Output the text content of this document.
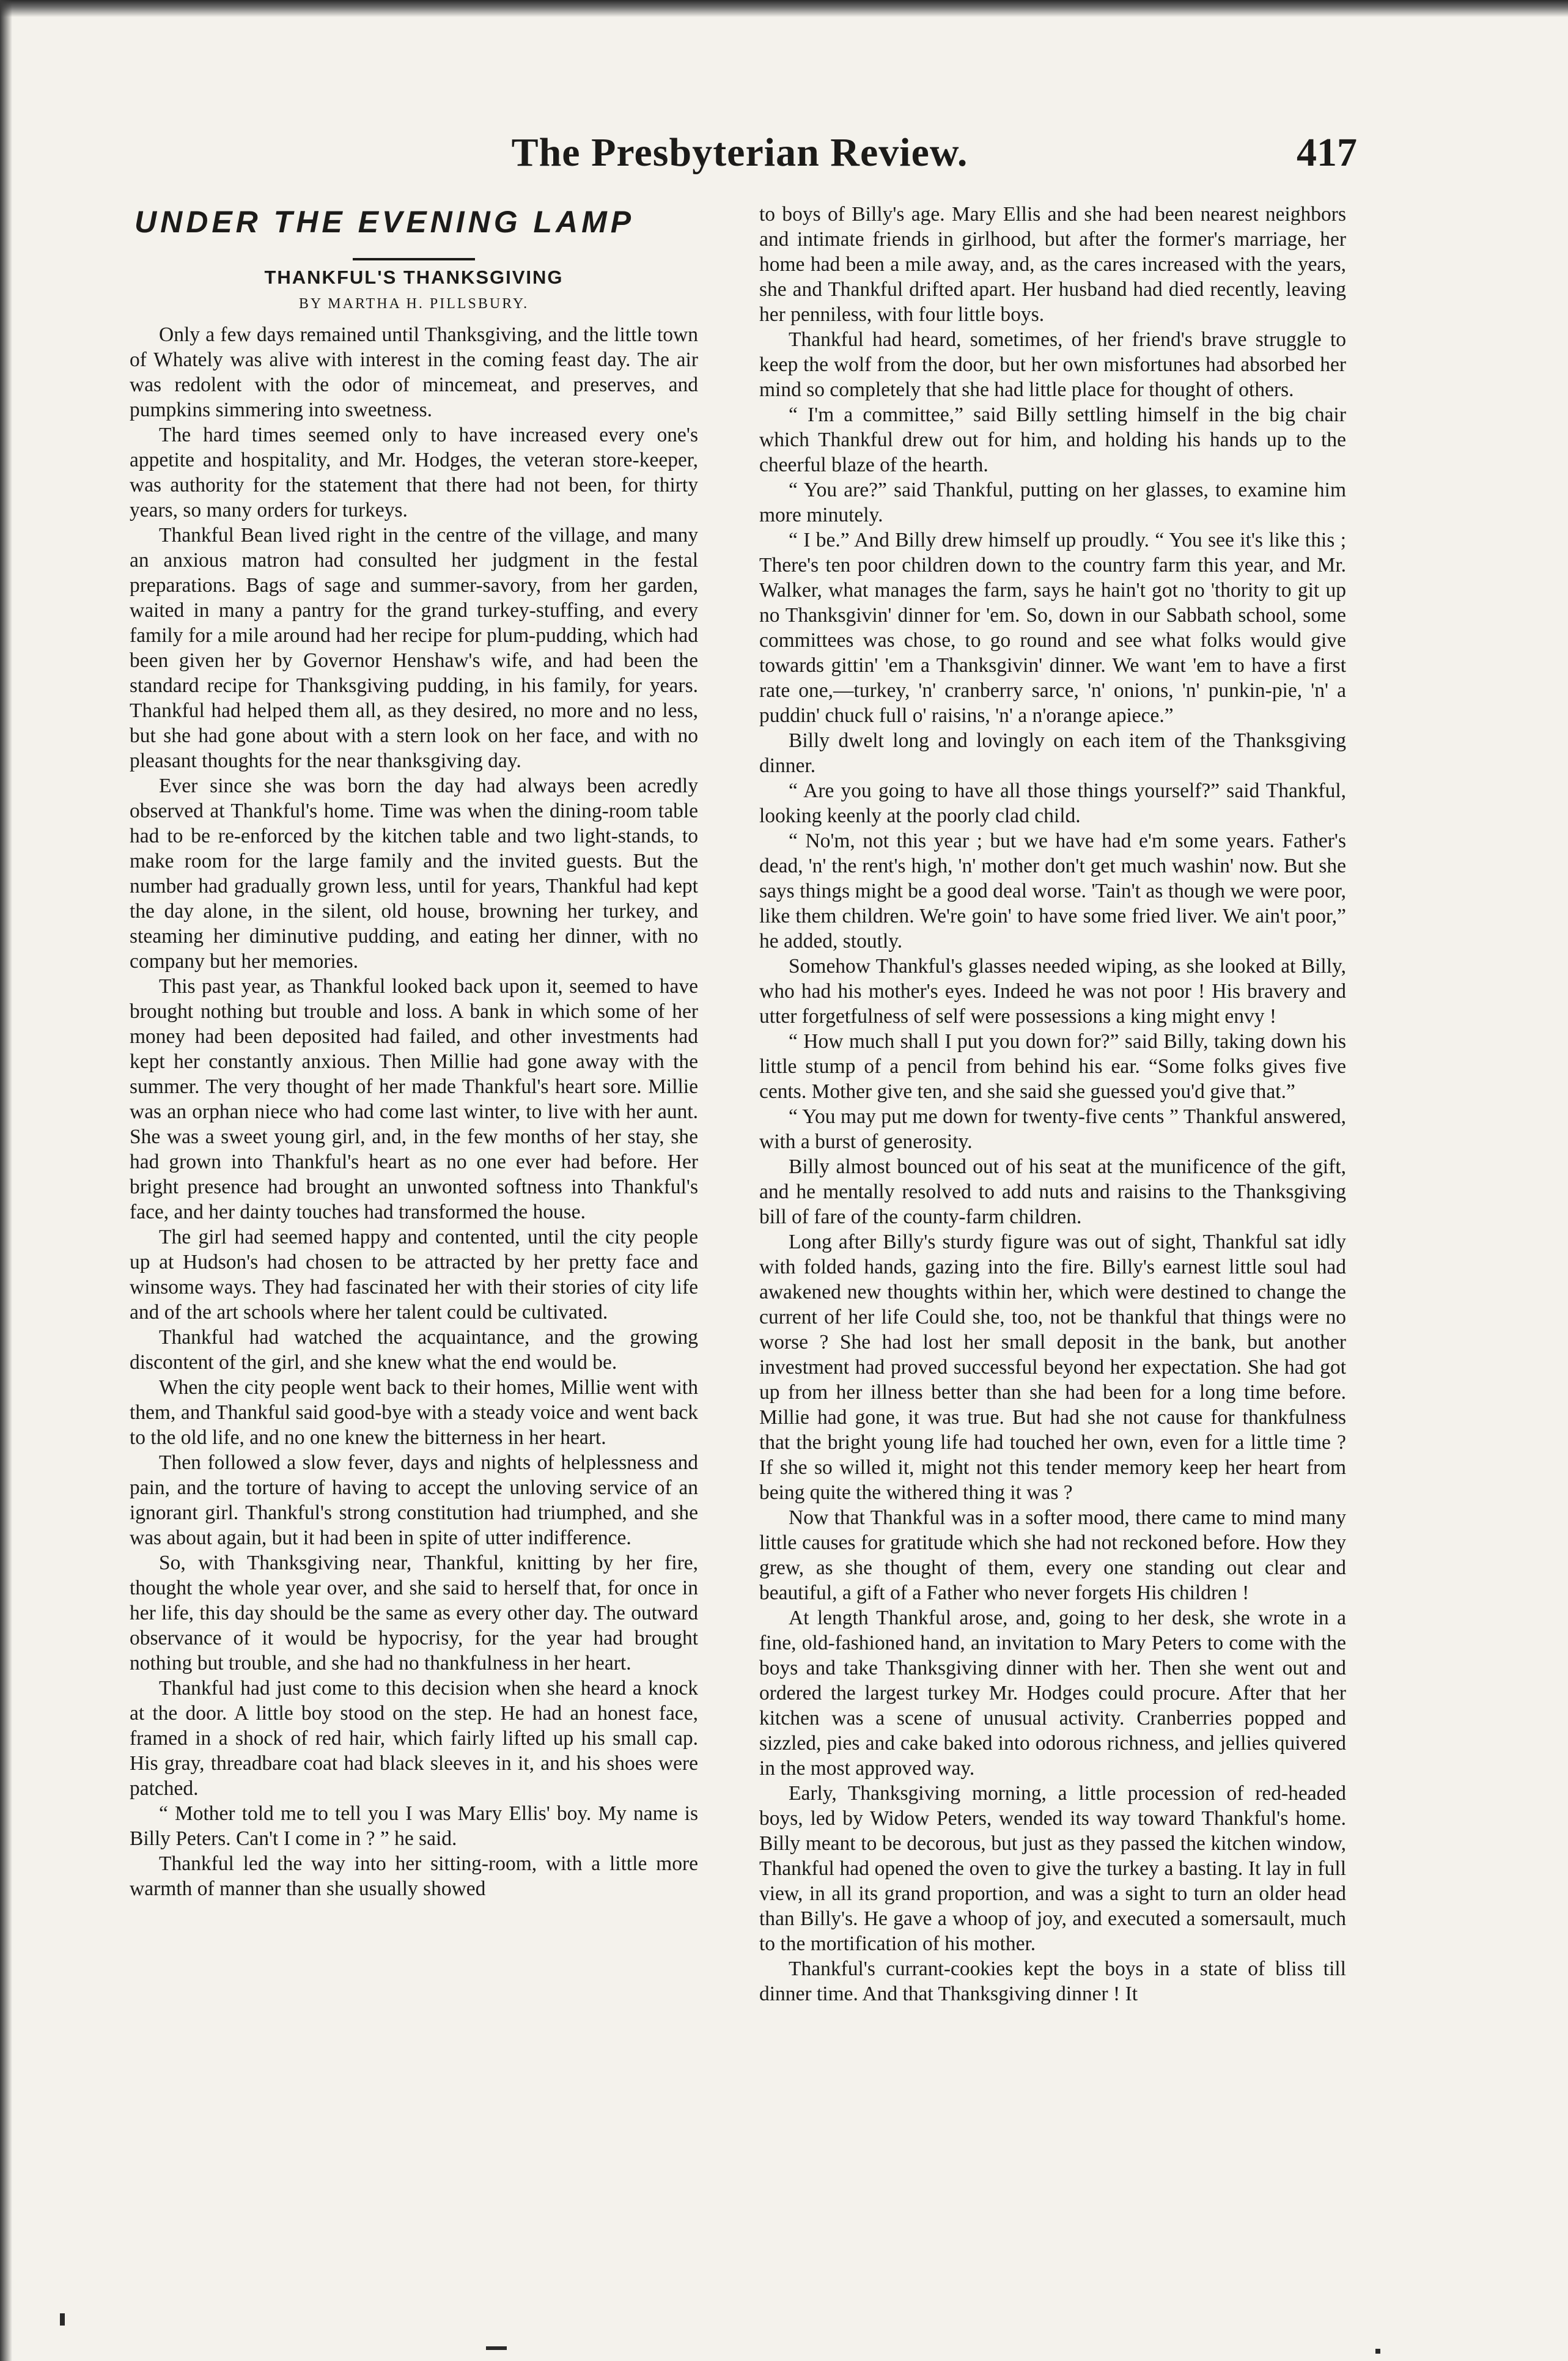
The Presbyterian Review.	417
UNDER THE EVENING LAMP
THANKFUL'S THANKSGIVING
BY MARTHA H. PILLSBURY.

Only a few days remained until Thanksgiving, and the little town of Whately was alive with interest in the coming feast day. The air was redolent with the odor of mincemeat, and preserves, and pumpkins simmering into sweetness.

The hard times seemed only to have increased every one's appetite and hospitality, and Mr. Hodges, the veteran store-keeper, was authority for the statement that there had not been, for thirty years, so many orders for turkeys.

Thankful Bean lived right in the centre of the village, and many an anxious matron had consulted her judgment in the festal preparations. Bags of sage and summer-savory, from her garden, waited in many a pantry for the grand turkey-stuffing, and every family for a mile around had her recipe for plum-pudding, which had been given her by Governor Henshaw's wife, and had been the standard recipe for Thanksgiving pudding, in his family, for years. Thankful had helped them all, as they desired, no more and no less, but she had gone about with a stern look on her face, and with no pleasant thoughts for the near thanksgiving day.

Ever since she was born the day had always been acredly observed at Thankful's home. Time was when the dining-room table had to be re-enforced by the kitchen table and two light-stands, to make room for the large family and the invited guests. But the number had gradually grown less, until for years, Thankful had kept the day alone, in the silent, old house, browning her turkey, and steaming her diminutive pudding, and eating her dinner, with no company but her memories.

This past year, as Thankful looked back upon it, seemed to have brought nothing but trouble and loss. A bank in which some of her money had been deposited had failed, and other investments had kept her constantly anxious. Then Millie had gone away with the summer. The very thought of her made Thankful's heart sore. Millie was an orphan niece who had come last winter, to live with her aunt. She was a sweet young girl, and, in the few months of her stay, she had grown into Thankful's heart as no one ever had before. Her bright presence had brought an unwonted softness into Thankful's face, and her dainty touches had transformed the house.

The girl had seemed happy and contented, until the city people up at Hudson's had chosen to be attracted by her pretty face and winsome ways. They had fascinated her with their stories of city life and of the art schools where her talent could be cultivated.

Thankful had watched the acquaintance, and the growing discontent of the girl, and she knew what the end would be.

When the city people went back to their homes, Millie went with them, and Thankful said good-bye with a steady voice and went back to the old life, and no one knew the bitterness in her heart.

Then followed a slow fever, days and nights of helplessness and pain, and the torture of having to accept the unloving service of an ignorant girl. Thankful's strong constitution had triumphed, and she was about again, but it had been in spite of utter indifference.

So, with Thanksgiving near, Thankful, knitting by her fire, thought the whole year over, and she said to herself that, for once in her life, this day should be the same as every other day. The outward observance of it would be hypocrisy, for the year had brought nothing but trouble, and she had no thankfulness in her heart.

Thankful had just come to this decision when she heard a knock at the door. A little boy stood on the step. He had an honest face, framed in a shock of red hair, which fairly lifted up his small cap. His gray, threadbare coat had black sleeves in it, and his shoes were patched.

“ Mother told me to tell you I was Mary Ellis' boy. My name is Billy Peters. Can't I come in ? ” he said.

Thankful led the way into her sitting-room, with a little more warmth of manner than she usually showed

to boys of Billy's age. Mary Ellis and she had been nearest neighbors and intimate friends in girlhood, but after the former's marriage, her home had been a mile away, and, as the cares increased with the years, she and Thankful drifted apart. Her husband had died recently, leaving her penniless, with four little boys.

Thankful had heard, sometimes, of her friend's brave struggle to keep the wolf from the door, but her own misfortunes had absorbed her mind so completely that she had little place for thought of others.

“ I'm a committee,” said Billy settling himself in the big chair which Thankful drew out for him, and holding his hands up to the cheerful blaze of the hearth.

“ You are?” said Thankful, putting on her glasses, to examine him more minutely.

“ I be.” And Billy drew himself up proudly. “ You see it's like this ; There's ten poor children down to the country farm this year, and Mr. Walker, what manages the farm, says he hain't got no 'thority to git up no Thanksgivin' dinner for 'em. So, down in our Sabbath school, some committees was chose, to go round and see what folks would give towards gittin' 'em a Thanksgivin' dinner. We want 'em to have a first rate one,—turkey, 'n' cranberry sarce, 'n' onions, 'n' punkin-pie, 'n' a puddin' chuck full o' raisins, 'n' a n'orange apiece.”

Billy dwelt long and lovingly on each item of the Thanksgiving dinner.

“ Are you going to have all those things yourself?” said Thankful, looking keenly at the poorly clad child.

“ No'm, not this year ; but we have had e'm some years. Father's dead, 'n' the rent's high, 'n' mother don't get much washin' now. But she says things might be a good deal worse. 'Tain't as though we were poor, like them children. We're goin' to have some fried liver. We ain't poor,” he added, stoutly.

Somehow Thankful's glasses needed wiping, as she looked at Billy, who had his mother's eyes. Indeed he was not poor ! His bravery and utter forgetfulness of self were possessions a king might envy !

“ How much shall I put you down for?” said Billy, taking down his little stump of a pencil from behind his ear. “Some folks gives five cents. Mother give ten, and she said she guessed you'd give that.”

“ You may put me down for twenty-five cents ” Thankful answered, with a burst of generosity.

Billy almost bounced out of his seat at the munificence of the gift, and he mentally resolved to add nuts and raisins to the Thanksgiving bill of fare of the county-farm children.

Long after Billy's sturdy figure was out of sight, Thankful sat idly with folded hands, gazing into the fire. Billy's earnest little soul had awakened new thoughts within her, which were destined to change the current of her life Could she, too, not be thankful that things were no worse ? She had lost her small deposit in the bank, but another investment had proved successful beyond her expectation. She had got up from her illness better than she had been for a long time before. Millie had gone, it was true. But had she not cause for thankfulness that the bright young life had touched her own, even for a little time ? If she so willed it, might not this tender memory keep her heart from being quite the withered thing it was ?

Now that Thankful was in a softer mood, there came to mind many little causes for gratitude which she had not reckoned before. How they grew, as she thought of them, every one standing out clear and beautiful, a gift of a Father who never forgets His children !

At length Thankful arose, and, going to her desk, she wrote in a fine, old-fashioned hand, an invitation to Mary Peters to come with the boys and take Thanksgiving dinner with her. Then she went out and ordered the largest turkey Mr. Hodges could procure. After that her kitchen was a scene of unusual activity. Cranberries popped and sizzled, pies and cake baked into odorous richness, and jellies quivered in the most approved way.

Early, Thanksgiving morning, a little procession of red-headed boys, led by Widow Peters, wended its way toward Thankful's home. Billy meant to be decorous, but just as they passed the kitchen window, Thankful had opened the oven to give the turkey a basting. It lay in full view, in all its grand proportion, and was a sight to turn an older head than Billy's. He gave a whoop of joy, and executed a somersault, much to the mortification of his mother.

Thankful's currant-cookies kept the boys in a state of bliss till dinner time. And that Thanksgiving dinner ! It
